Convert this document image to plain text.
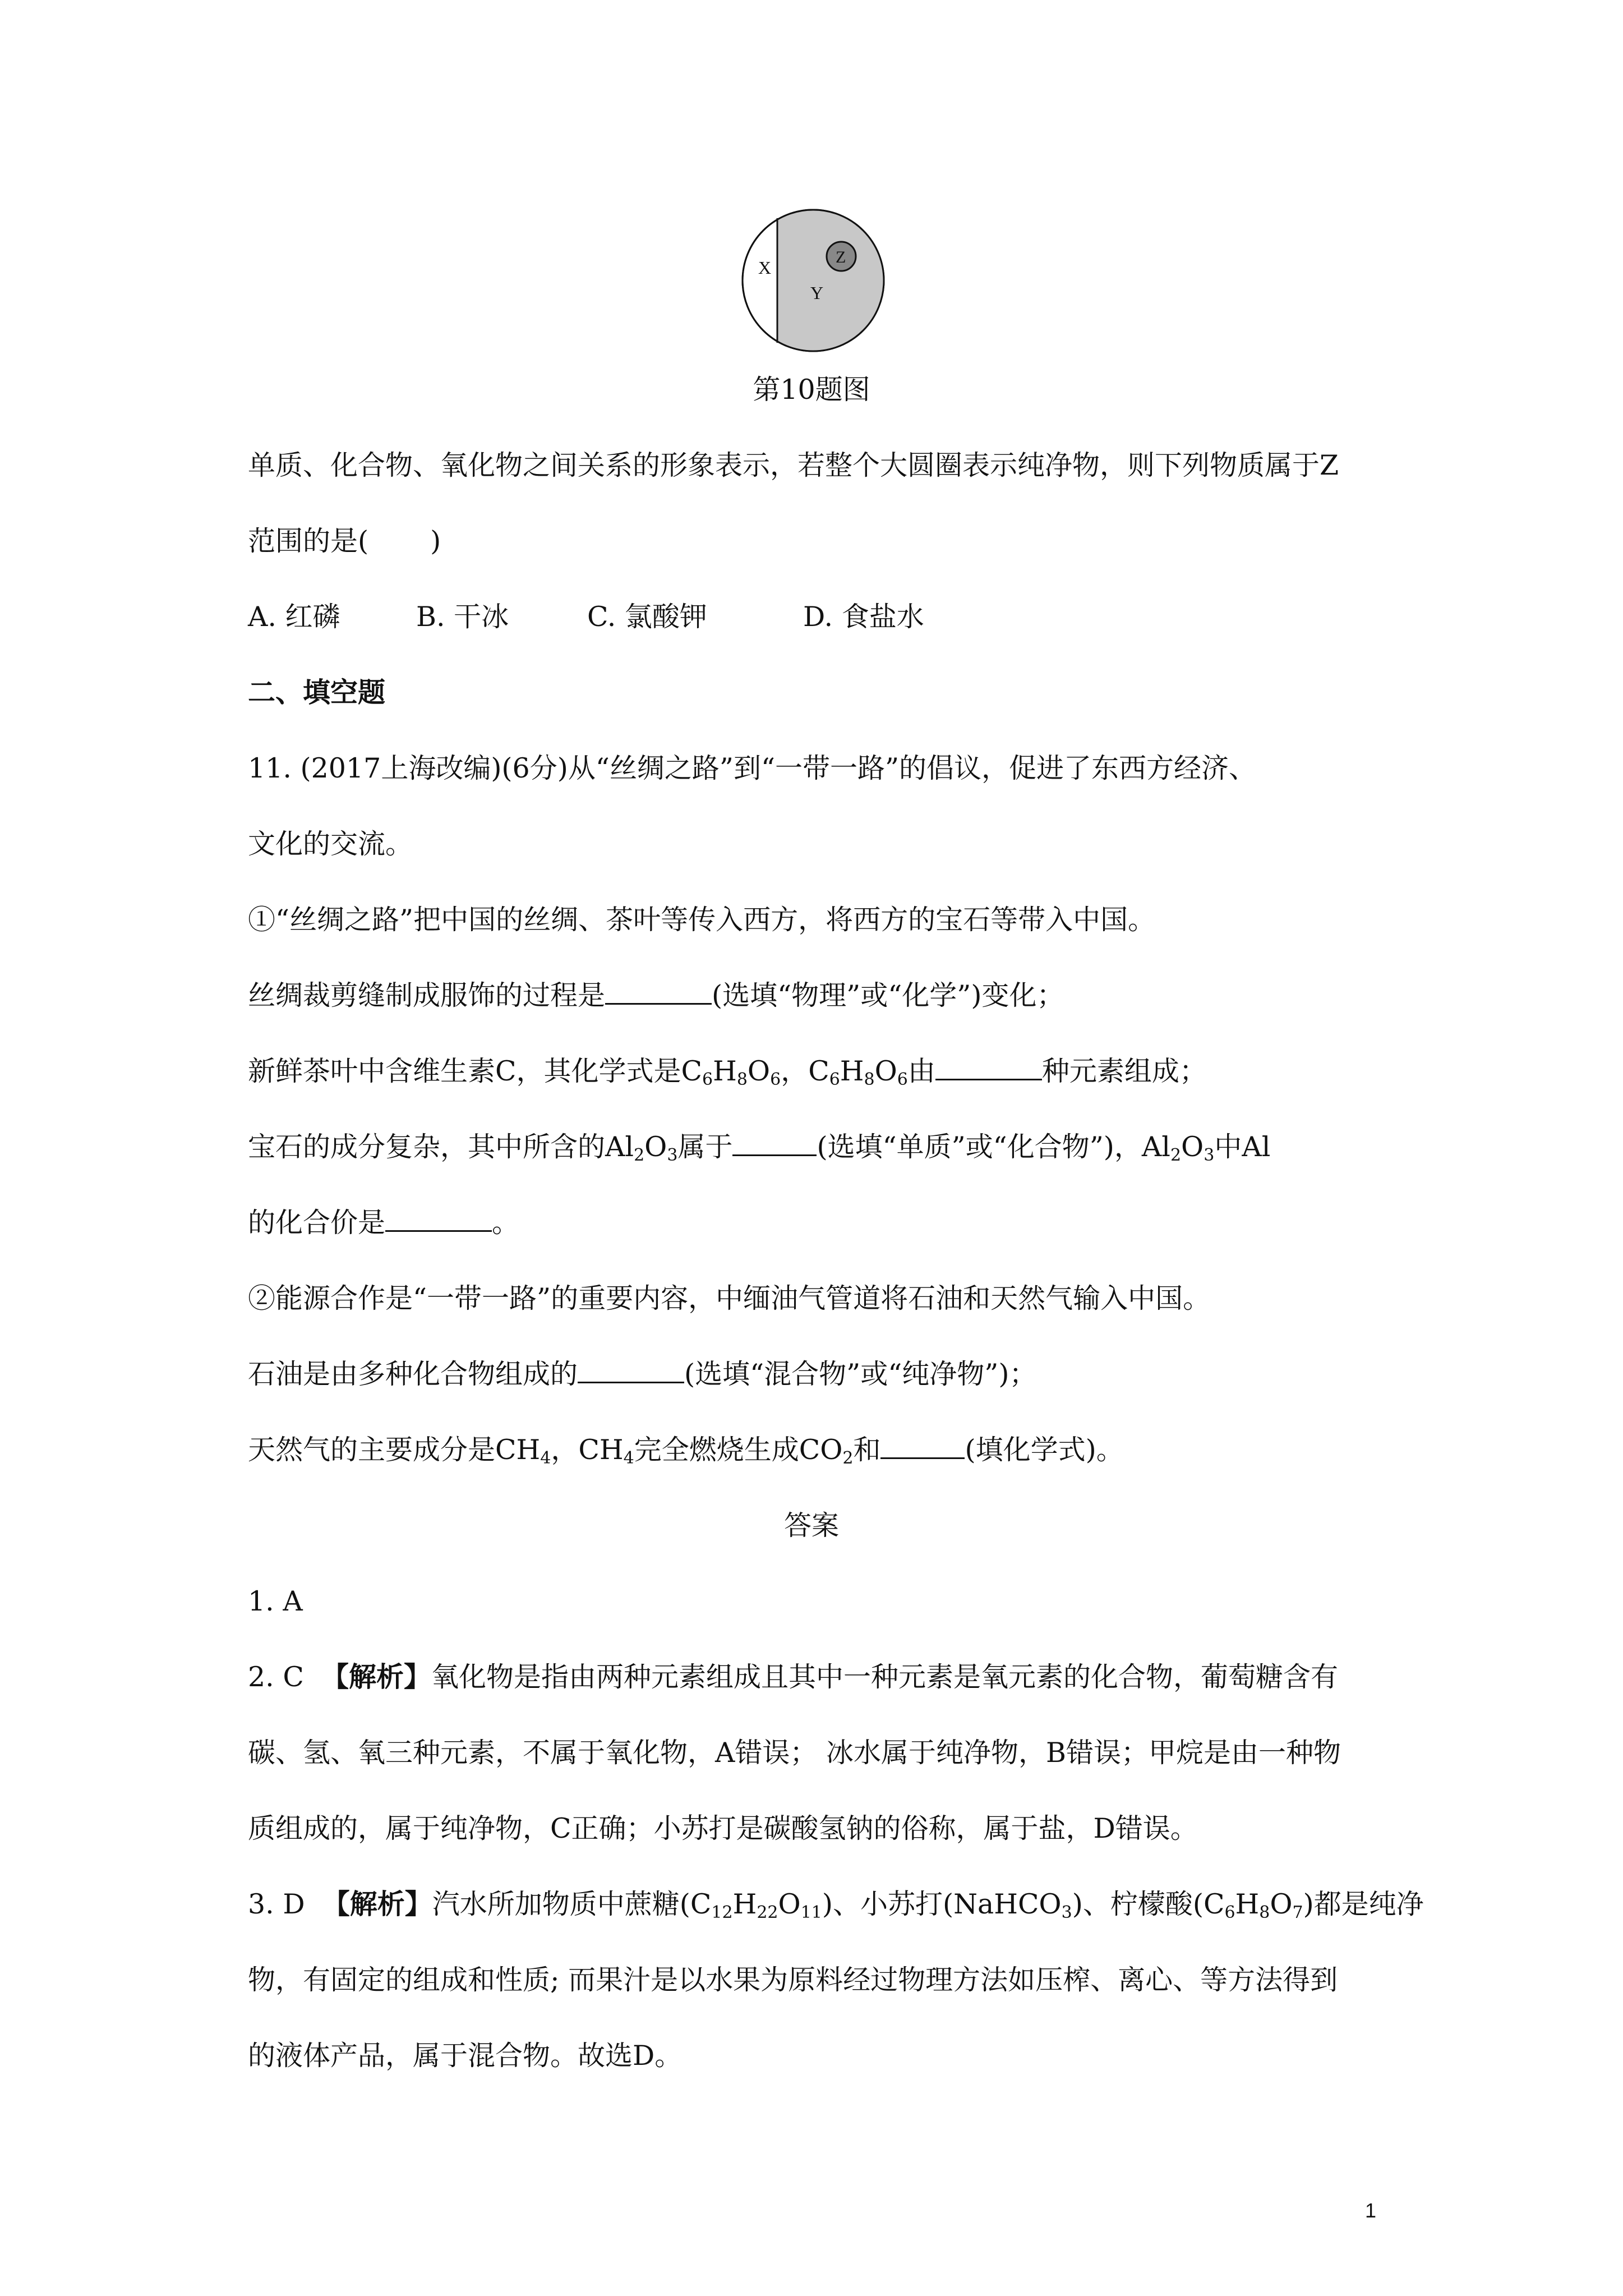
X
Y
Z
第10题图
单质、化合物、氧化物之间关系的形象表示，若整个大圆圈表示纯净物，则下列物质属于Z
范围的是( )
A. 红磷	B. 干冰	C. 氯酸钾	D. 食盐水
二、填空题
11. (2017上海改编)(6分)从“丝绸之路”到“一带一路”的倡议，促进了东西方经济、
文化的交流。
①“丝绸之路”把中国的丝绸、茶叶等传入西方，将西方的宝石等带入中国。
丝绸裁剪缝制成服饰的过程是	(选填“物理”或“化学”)变化；
新鲜茶叶中含维生素C，其化学式是$C_6H_8O_6$，$C_6H_8O_6$由	种元素组成；
宝石的成分复杂，其中所含的$Al_2O_3$属于	(选填“单质”或“化合物”)，$Al_2O_3$中Al
的化合价是	。
②能源合作是“一带一路”的重要内容，中缅油气管道将石油和天然气输入中国。
石油是由多种化合物组成的	(选填“混合物”或“纯净物”)；
天然气的主要成分是$CH_4$，$CH_4$完全燃烧生成$CO_2$和	(填化学式)。
答案
1. A
2. C 【解析】氧化物是指由两种元素组成且其中一种元素是氧元素的化合物，葡萄糖含有
碳、氢、氧三种元素，不属于氧化物，A错误； 冰水属于纯净物，B错误；甲烷是由一种物
质组成的，属于纯净物，C正确；小苏打是碳酸氢钠的俗称，属于盐，D错误。
3. D 【解析】汽水所加物质中蔗糖$(C_{12}H_{22}O_{11})$、小苏打(NaHCO$_3$)、柠檬酸$(C_6H_8O_7)$都是纯净
物，有固定的组成和性质; 而果汁是以水果为原料经过物理方法如压榨、离心、等方法得到
的液体产品，属于混合物。故选D。
1
